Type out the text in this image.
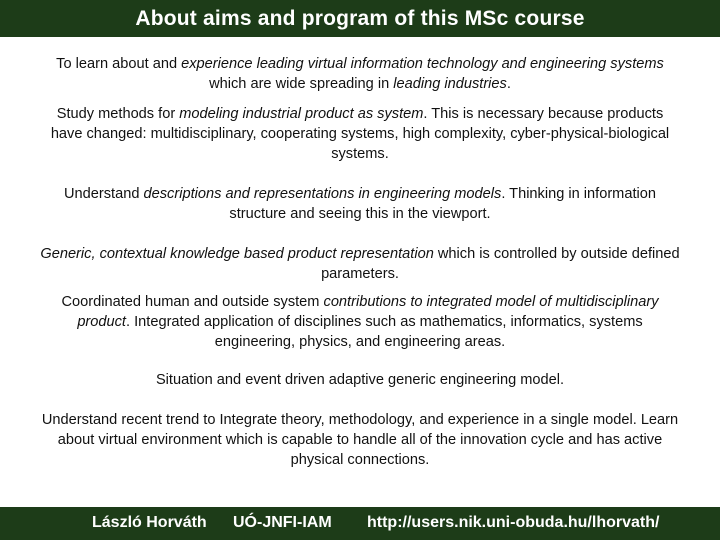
About aims and program of this MSc course

To learn about and experience leading virtual information technology and engineering systems which are wide spreading in leading industries.

Study methods for modeling industrial product as system. This is necessary because products have changed: multidisciplinary, cooperating systems, high complexity, cyber-physical-biological systems.

Understand descriptions and representations in engineering models. Thinking in information structure and seeing this in the viewport.

Generic, contextual knowledge based product representation which is controlled by outside defined parameters.

Coordinated human and outside system contributions to integrated model of multidisciplinary product. Integrated application of disciplines such as mathematics, informatics, systems engineering, physics, and engineering areas.

Situation and event driven adaptive generic engineering model.

Understand recent trend to Integrate theory, methodology, and experience in a single model. Learn about virtual environment which is capable to handle all of the innovation cycle and has active physical connections.

László Horváth UÓ-JNFI-IAM http://users.nik.uni-obuda.hu/lhorvath/
